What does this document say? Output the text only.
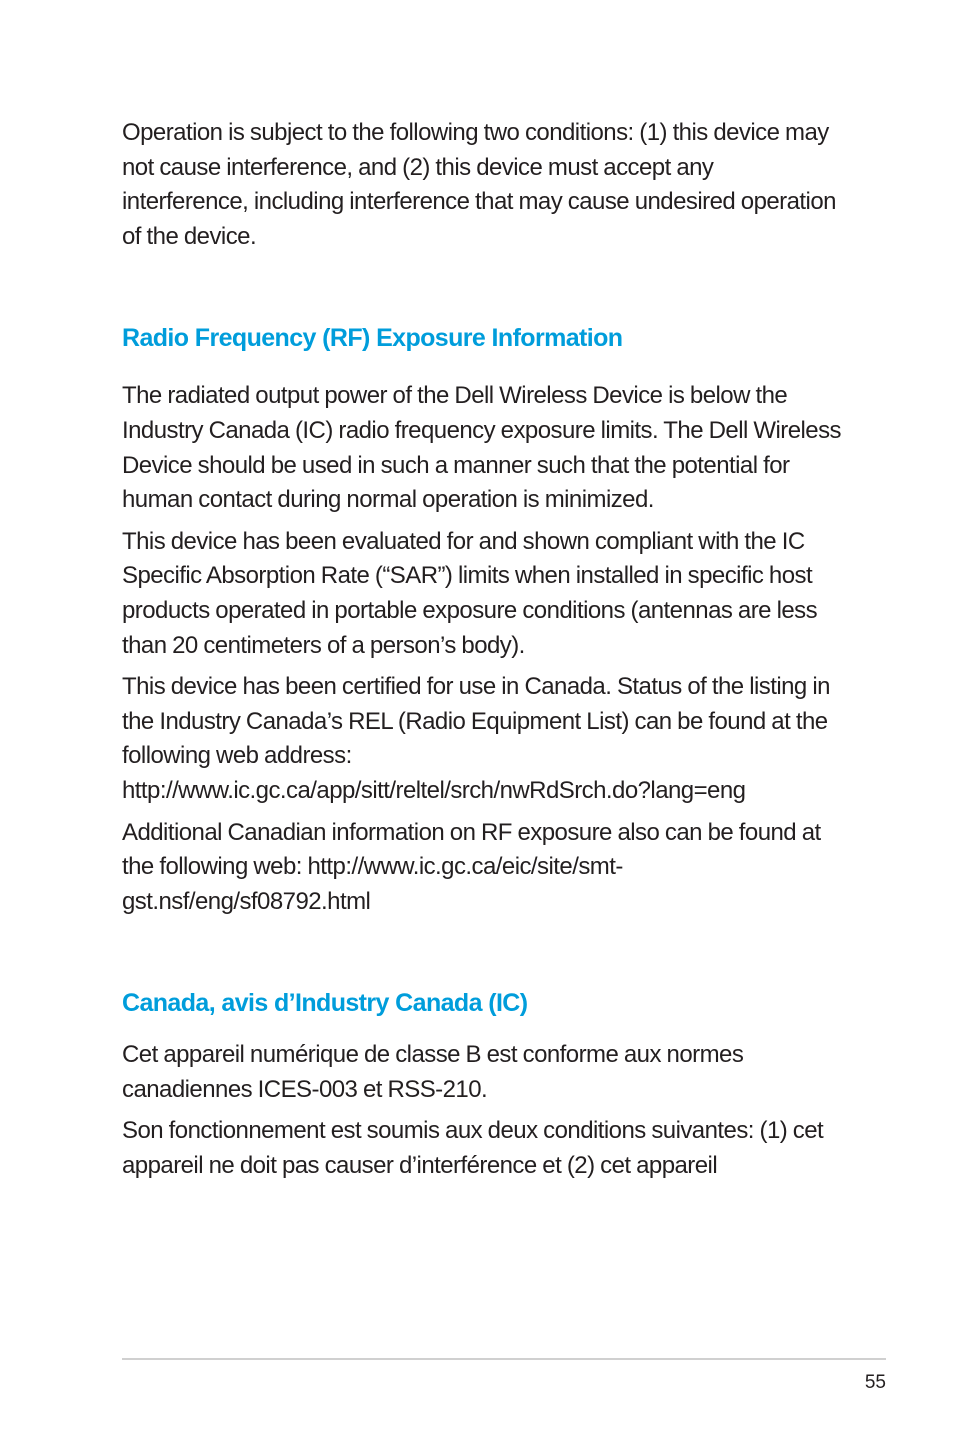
Operation is subject to the following two conditions: (1) this device may not cause interference, and (2) this device must accept any interference, including interference that may cause undesired operation of the device.

Radio Frequency (RF) Exposure Information

The radiated output power of the Dell Wireless Device is below the Industry Canada (IC) radio frequency exposure limits. The Dell Wireless Device should be used in such a manner such that the potential for human contact during normal operation is minimized.

This device has been evaluated for and shown compliant with the IC Specific Absorption Rate (“SAR”) limits when installed in specific host products operated in portable exposure conditions (antennas are less than 20 centimeters of a person’s body).

This device has been certified for use in Canada. Status of the listing in the Industry Canada’s REL (Radio Equipment List) can be found at the following web address: http://www.ic.gc.ca/app/sitt/reltel/srch/nwRdSrch.do?lang=eng

Additional Canadian information on RF exposure also can be found at the following web: http://www.ic.gc.ca/eic/site/smt-gst.nsf/eng/sf08792.html

Canada, avis d’Industry Canada (IC)

Cet appareil numérique de classe B est conforme aux normes canadiennes ICES-003 et RSS-210.

Son fonctionnement est soumis aux deux conditions suivantes: (1) cet appareil ne doit pas causer d’interférence et (2) cet appareil

55
